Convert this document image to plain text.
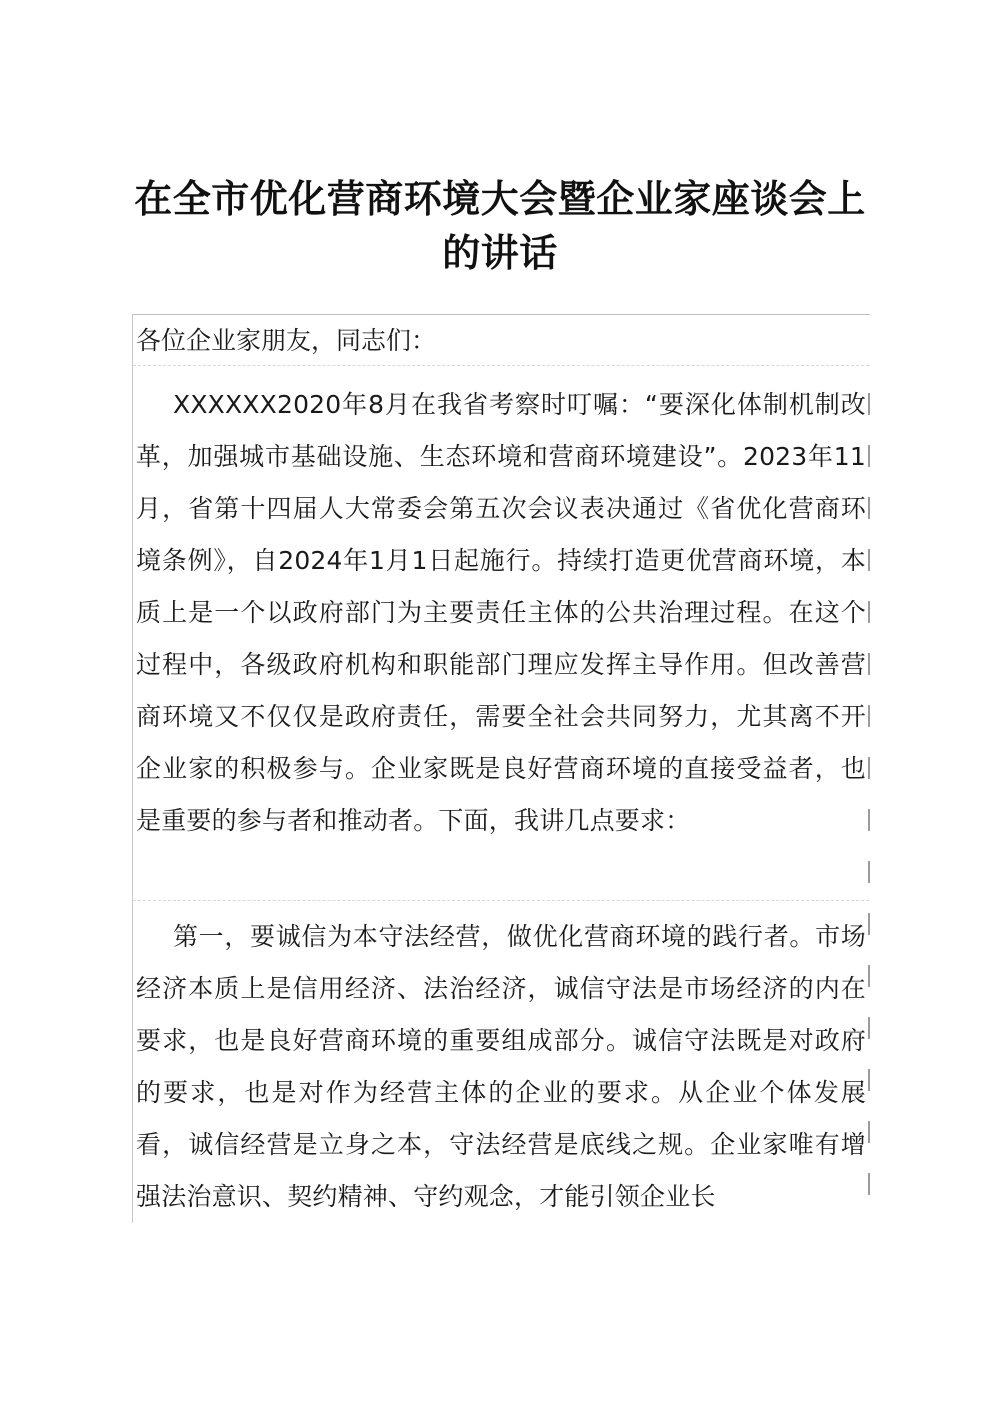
在全市优化营商环境大会暨企业家座谈会上的讲话
各位企业家朋友，同志们：
XXXXXX2020年8月在我省考察时叮嘱：“要深化体制机制改革，加强城市基础设施、生态环境和营商环境建设”。2023年11月，省第十四届人大常委会第五次会议表决通过《省优化营商环境条例》，自2024年1月1日起施行。持续打造更优营商环境，本质上是一个以政府部门为主要责任主体的公共治理过程。在这个过程中，各级政府机构和职能部门理应发挥主导作用。但改善营商环境又不仅仅是政府责任，需要全社会共同努力，尤其离不开企业家的积极参与。企业家既是良好营商环境的直接受益者，也是重要的参与者和推动者。下面，我讲几点要求：
第一，要诚信为本守法经营，做优化营商环境的践行者。市场经济本质上是信用经济、法治经济，诚信守法是市场经济的内在要求，也是良好营商环境的重要组成部分。诚信守法既是对政府的要求，也是对作为经营主体的企业的要求。从企业个体发展看，诚信经营是立身之本，守法经营是底线之规。企业家唯有增强法治意识、契约精神、守约观念，才能引领企业长
